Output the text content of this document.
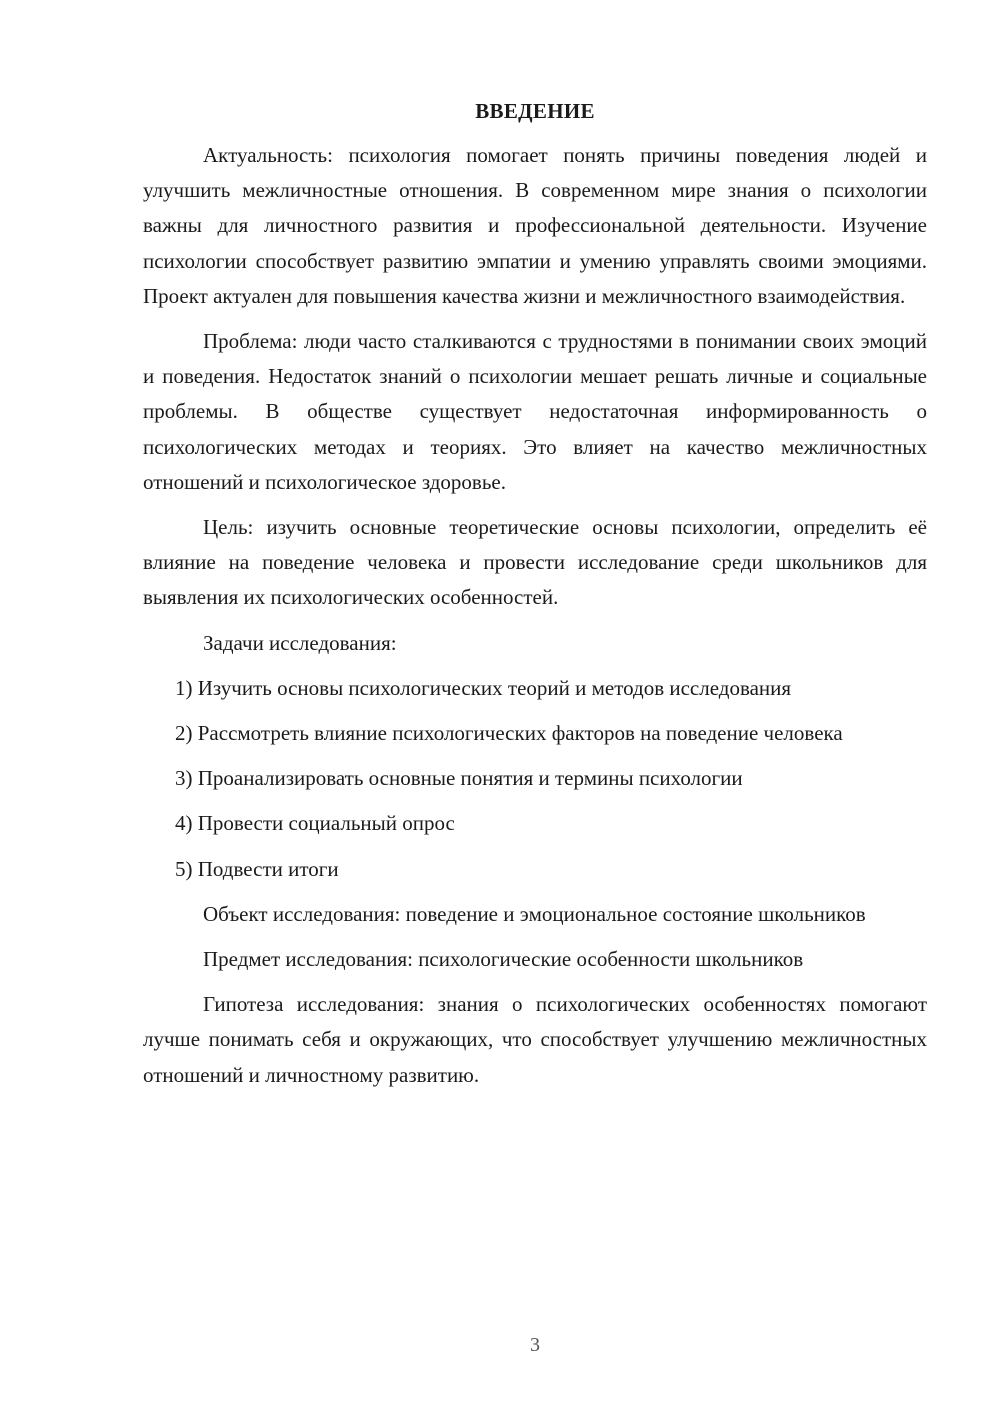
ВВЕДЕНИЕ

Актуальность: психология помогает понять причины поведения людей и улучшить межличностные отношения. В современном мире знания о психологии важны для личностного развития и профессиональной деятельности. Изучение психологии способствует развитию эмпатии и умению управлять своими эмоциями. Проект актуален для повышения качества жизни и межличностного взаимодействия.

Проблема: люди часто сталкиваются с трудностями в понимании своих эмоций и поведения. Недостаток знаний о психологии мешает решать личные и социальные проблемы. В обществе существует недостаточная информированность о психологических методах и теориях. Это влияет на качество межличностных отношений и психологическое здоровье.

Цель: изучить основные теоретические основы психологии, определить её влияние на поведение человека и провести исследование среди школьников для выявления их психологических особенностей.

Задачи исследования:

1) Изучить основы психологических теорий и методов исследования

2) Рассмотреть влияние психологических факторов на поведение человека

3) Проанализировать основные понятия и термины психологии

4) Провести социальный опрос

5) Подвести итоги

Объект исследования: поведение и эмоциональное состояние школьников

Предмет исследования: психологические особенности школьников

Гипотеза исследования: знания о психологических особенностях помогают лучше понимать себя и окружающих, что способствует улучшению межличностных отношений и личностному развитию.

3
